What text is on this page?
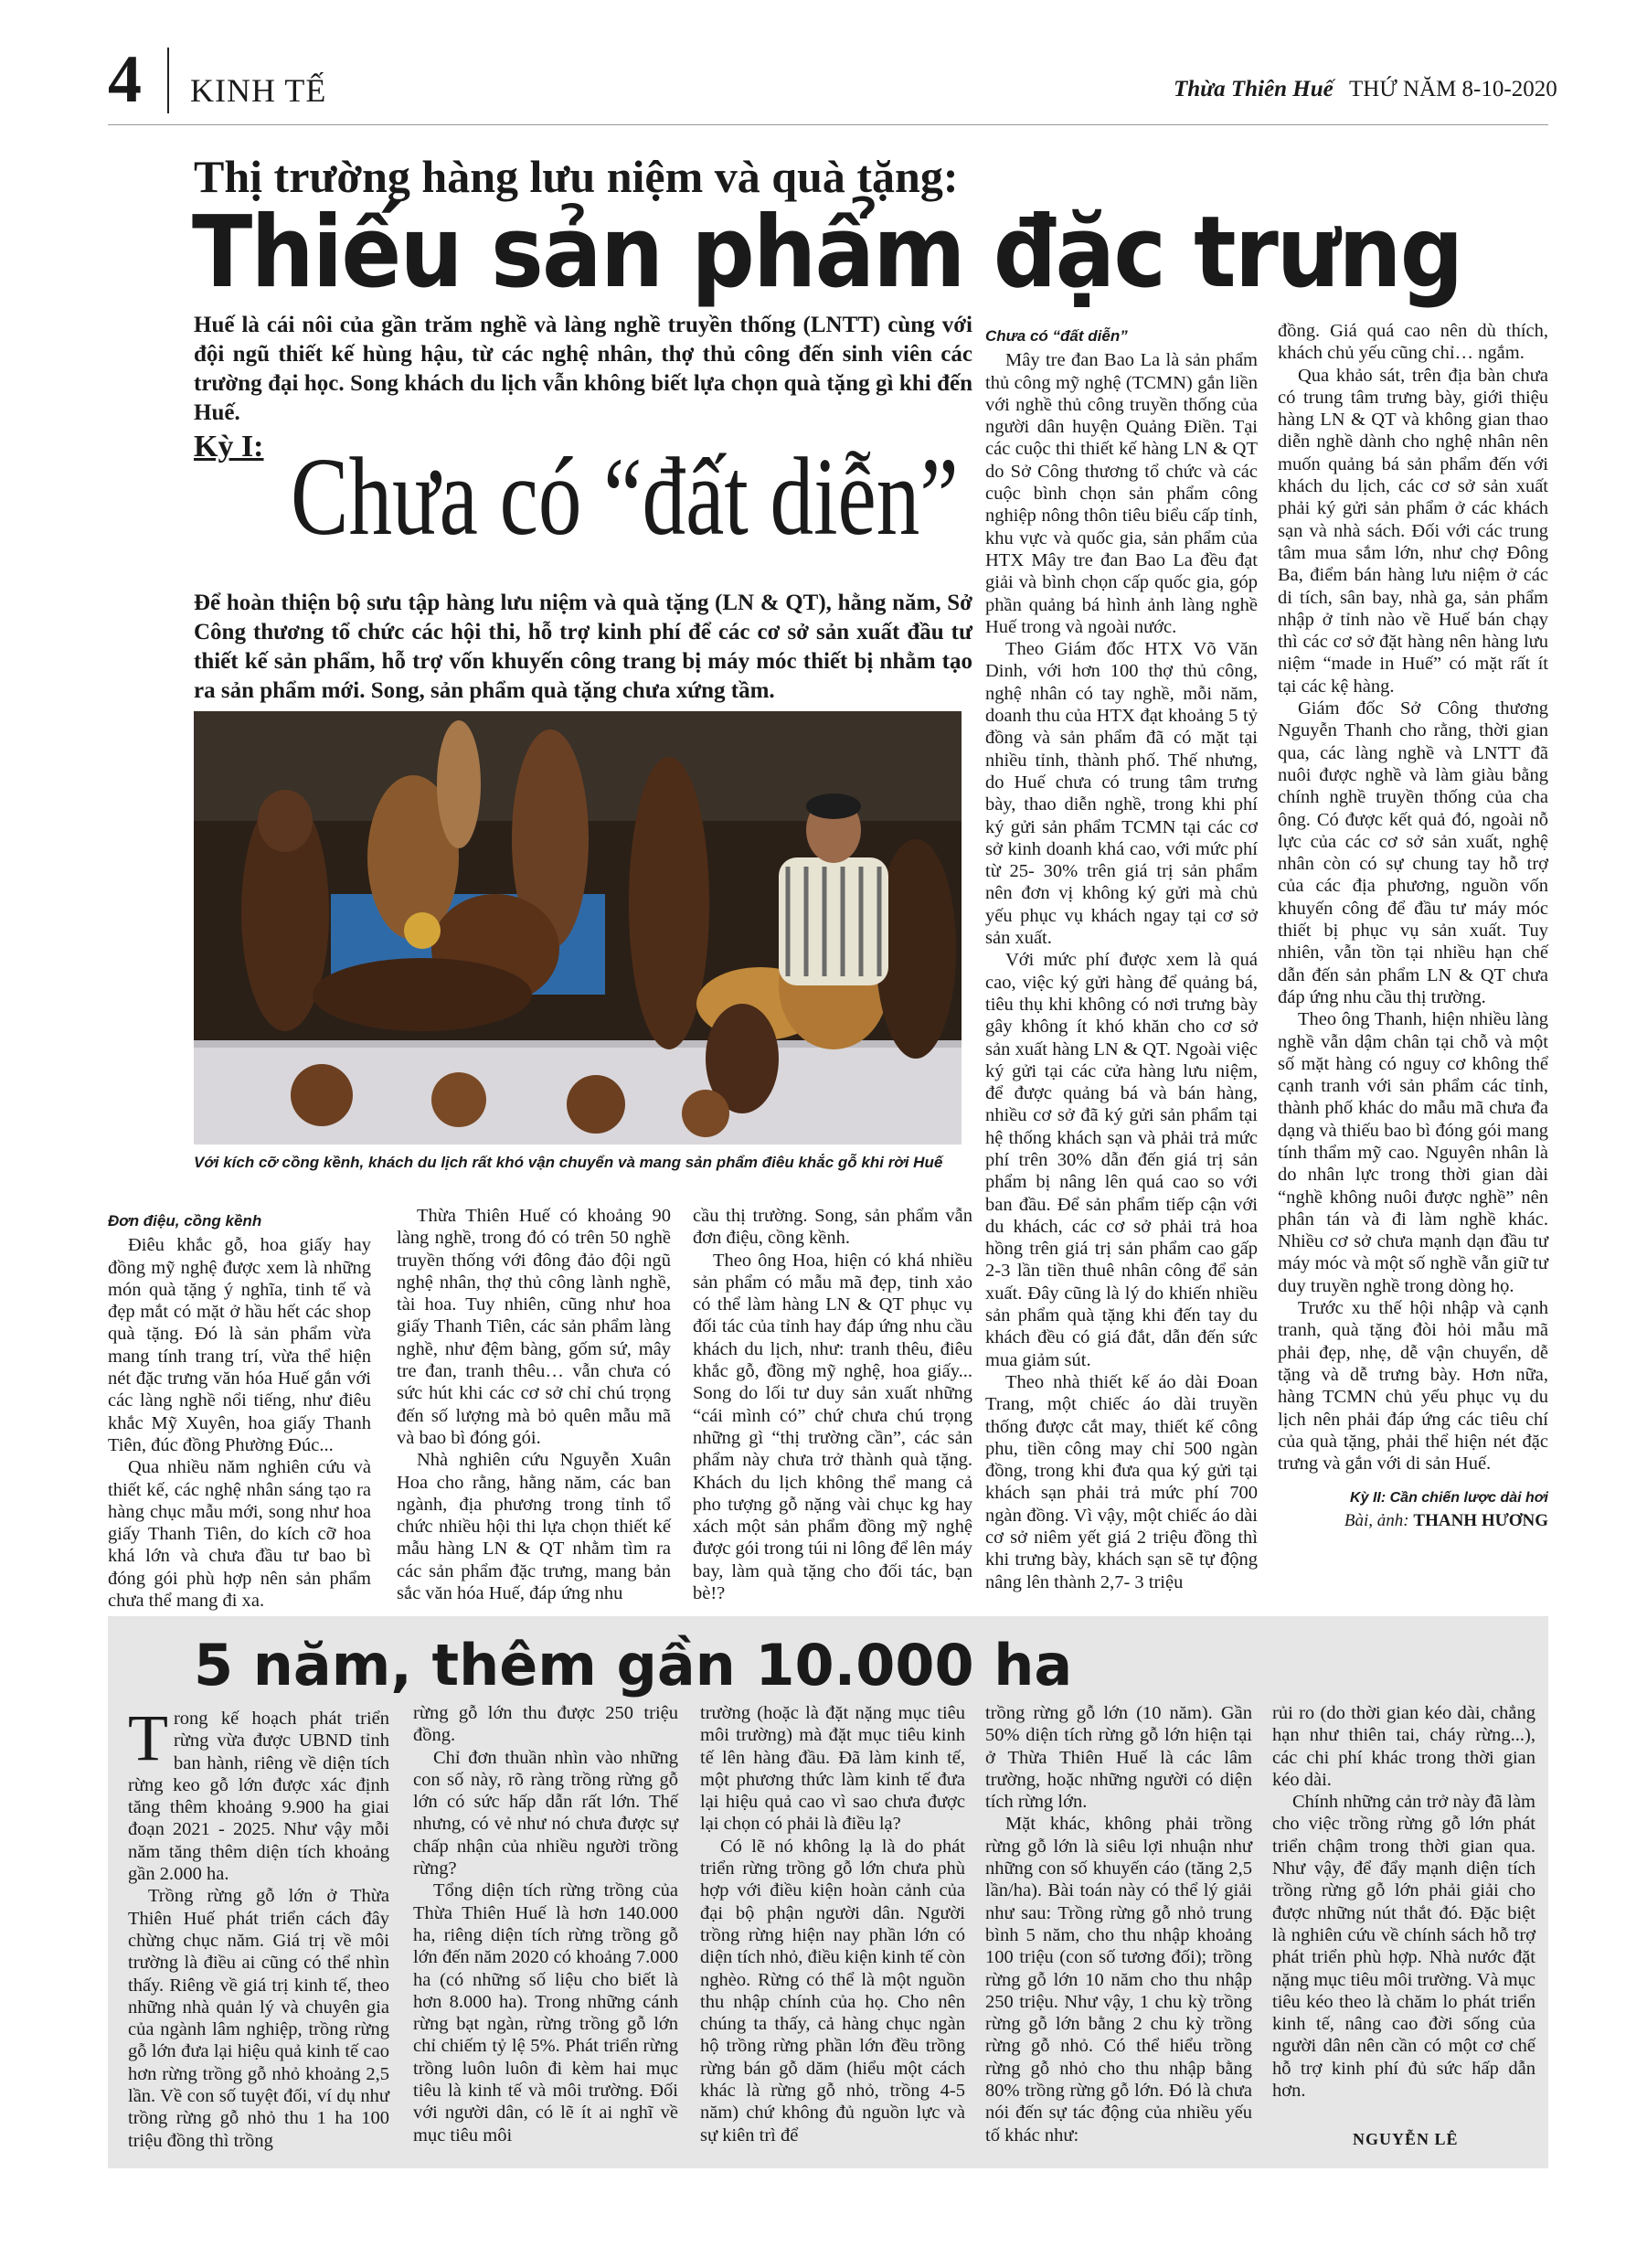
4 KINH TẾ	Thừa Thiên Huế THỨ NĂM 8-10-2020
Thị trường hàng lưu niệm và quà tặng:
Thiếu sản phẩm đặc trưng
Huế là cái nôi của gần trăm nghề và làng nghề truyền thống (LNTT) cùng với đội ngũ thiết kế hùng hậu, từ các nghệ nhân, thợ thủ công đến sinh viên các trường đại học. Song khách du lịch vẫn không biết lựa chọn quà tặng gì khi đến Huế.
Kỳ I: Chưa có “đất diễn”
Để hoàn thiện bộ sưu tập hàng lưu niệm và quà tặng (LN & QT), hằng năm, Sở Công thương tổ chức các hội thi, hỗ trợ kinh phí để các cơ sở sản xuất đầu tư thiết kế sản phẩm, hỗ trợ vốn khuyến công trang bị máy móc thiết bị nhằm tạo ra sản phẩm mới. Song, sản phẩm quà tặng chưa xứng tầm.
Với kích cỡ cồng kềnh, khách du lịch rất khó vận chuyển và mang sản phẩm điêu khắc gỗ khi rời Huế
Đơn điệu, cồng kềnh

Điêu khắc gỗ, hoa giấy hay đồng mỹ nghệ được xem là những món quà tặng ý nghĩa, tinh tế và đẹp mắt có mặt ở hầu hết các shop quà tặng. Đó là sản phẩm vừa mang tính trang trí, vừa thể hiện nét đặc trưng văn hóa Huế gắn với các làng nghề nổi tiếng, như điêu khắc Mỹ Xuyên, hoa giấy Thanh Tiên, đúc đồng Phường Đúc...

Qua nhiều năm nghiên cứu và thiết kế, các nghệ nhân sáng tạo ra hàng chục mẫu mới, song như hoa giấy Thanh Tiên, do kích cỡ hoa khá lớn và chưa đầu tư bao bì đóng gói phù hợp nên sản phẩm chưa thể mang đi xa.

Thừa Thiên Huế có khoảng 90 làng nghề, trong đó có trên 50 nghề truyền thống với đông đảo đội ngũ nghệ nhân, thợ thủ công lành nghề, tài hoa. Tuy nhiên, cũng như hoa giấy Thanh Tiên, các sản phẩm làng nghề, như đệm bàng, gốm sứ, mây tre đan, tranh thêu… vẫn chưa có sức hút khi các cơ sở chỉ chú trọng đến số lượng mà bỏ quên mẫu mã và bao bì đóng gói.

Nhà nghiên cứu Nguyễn Xuân Hoa cho rằng, hằng năm, các ban ngành, địa phương trong tỉnh tổ chức nhiều hội thi lựa chọn thiết kế mẫu hàng LN & QT nhằm tìm ra các sản phẩm đặc trưng, mang bản sắc văn hóa Huế, đáp ứng nhu

cầu thị trường. Song, sản phẩm vẫn đơn điệu, cồng kềnh.

Theo ông Hoa, hiện có khá nhiều sản phẩm có mẫu mã đẹp, tinh xảo có thể làm hàng LN & QT phục vụ đối tác của tỉnh hay đáp ứng nhu cầu khách du lịch, như: tranh thêu, điêu khắc gỗ, đồng mỹ nghệ, hoa giấy... Song do lối tư duy sản xuất những “cái mình có” chứ chưa chú trọng những gì “thị trường cần”, các sản phẩm này chưa trở thành quà tặng. Khách du lịch không thể mang cả pho tượng gỗ nặng vài chục kg hay xách một sản phẩm đồng mỹ nghệ được gói trong túi ni lông để lên máy bay, làm quà tặng cho đối tác, bạn bè!?

Chưa có “đất diễn”

Mây tre đan Bao La là sản phẩm thủ công mỹ nghệ (TCMN) gắn liền với nghề thủ công truyền thống của người dân huyện Quảng Điền. Tại các cuộc thi thiết kế hàng LN & QT do Sở Công thương tổ chức và các cuộc bình chọn sản phẩm công nghiệp nông thôn tiêu biểu cấp tỉnh, khu vực và quốc gia, sản phẩm của HTX Mây tre đan Bao La đều đạt giải và bình chọn cấp quốc gia, góp phần quảng bá hình ảnh làng nghề Huế trong và ngoài nước.

Theo Giám đốc HTX Võ Văn Dinh, với hơn 100 thợ thủ công, nghệ nhân có tay nghề, mỗi năm, doanh thu của HTX đạt khoảng 5 tỷ đồng và sản phẩm đã có mặt tại nhiều tỉnh, thành phố. Thế nhưng, do Huế chưa có trung tâm trưng bày, thao diễn nghề, trong khi phí ký gửi sản phẩm TCMN tại các cơ sở kinh doanh khá cao, với mức phí từ 25- 30% trên giá trị sản phẩm nên đơn vị không ký gửi mà chủ yếu phục vụ khách ngay tại cơ sở sản xuất.

Với mức phí được xem là quá cao, việc ký gửi hàng để quảng bá, tiêu thụ khi không có nơi trưng bày gây không ít khó khăn cho cơ sở sản xuất hàng LN & QT. Ngoài việc ký gửi tại các cửa hàng lưu niệm, để được quảng bá và bán hàng, nhiều cơ sở đã ký gửi sản phẩm tại hệ thống khách sạn và phải trả mức phí trên 30% dẫn đến giá trị sản phẩm bị nâng lên quá cao so với ban đầu. Để sản phẩm tiếp cận với du khách, các cơ sở phải trả hoa hồng trên giá trị sản phẩm cao gấp 2-3 lần tiền thuê nhân công để sản xuất. Đây cũng là lý do khiến nhiều sản phẩm quà tặng khi đến tay du khách đều có giá đắt, dẫn đến sức mua giảm sút.

Theo nhà thiết kế áo dài Đoan Trang, một chiếc áo dài truyền thống được cắt may, thiết kế công phu, tiền công may chỉ 500 ngàn đồng, trong khi đưa qua ký gửi tại khách sạn phải trả mức phí 700 ngàn đồng. Vì vậy, một chiếc áo dài cơ sở niêm yết giá 2 triệu đồng thì khi trưng bày, khách sạn sẽ tự động nâng lên thành 2,7- 3 triệu

đồng. Giá quá cao nên dù thích, khách chủ yếu cũng chỉ… ngắm.

Qua khảo sát, trên địa bàn chưa có trung tâm trưng bày, giới thiệu hàng LN & QT và không gian thao diễn nghề dành cho nghệ nhân nên muốn quảng bá sản phẩm đến với khách du lịch, các cơ sở sản xuất phải ký gửi sản phẩm ở các khách sạn và nhà sách. Đối với các trung tâm mua sắm lớn, như chợ Đông Ba, điểm bán hàng lưu niệm ở các di tích, sân bay, nhà ga, sản phẩm nhập ở tỉnh nào về Huế bán chạy thì các cơ sở đặt hàng nên hàng lưu niệm “made in Huế” có mặt rất ít tại các kệ hàng.

Giám đốc Sở Công thương Nguyễn Thanh cho rằng, thời gian qua, các làng nghề và LNTT đã nuôi được nghề và làm giàu bằng chính nghề truyền thống của cha ông. Có được kết quả đó, ngoài nỗ lực của các cơ sở sản xuất, nghệ nhân còn có sự chung tay hỗ trợ của các địa phương, nguồn vốn khuyến công để đầu tư máy móc thiết bị phục vụ sản xuất. Tuy nhiên, vẫn tồn tại nhiều hạn chế dẫn đến sản phẩm LN & QT chưa đáp ứng nhu cầu thị trường.

Theo ông Thanh, hiện nhiều làng nghề vẫn dậm chân tại chỗ và một số mặt hàng có nguy cơ không thể cạnh tranh với sản phẩm các tỉnh, thành phố khác do mẫu mã chưa đa dạng và thiếu bao bì đóng gói mang tính thẩm mỹ cao. Nguyên nhân là do nhân lực trong thời gian dài “nghề không nuôi được nghề” nên phân tán và đi làm nghề khác. Nhiều cơ sở chưa mạnh dạn đầu tư máy móc và một số nghề vẫn giữ tư duy truyền nghề trong dòng họ.

Trước xu thế hội nhập và cạnh tranh, quà tặng đòi hỏi mẫu mã phải đẹp, nhẹ, dễ vận chuyển, dễ tặng và dễ trưng bày. Hơn nữa, hàng TCMN chủ yếu phục vụ du lịch nên phải đáp ứng các tiêu chí của quà tặng, phải thể hiện nét đặc trưng và gắn với di sản Huế.

Kỳ II: Cần chiến lược dài hơi
Bài, ảnh: THANH HƯƠNG
5 năm, thêm gần 10.000 ha

Trong kế hoạch phát triển rừng vừa được UBND tỉnh ban hành, riêng về diện tích rừng keo gỗ lớn được xác định tăng thêm khoảng 9.900 ha giai đoạn 2021 - 2025. Như vậy mỗi năm tăng thêm diện tích khoảng gần 2.000 ha.

Trồng rừng gỗ lớn ở Thừa Thiên Huế phát triển cách đây chừng chục năm. Giá trị về môi trường là điều ai cũng có thể nhìn thấy. Riêng về giá trị kinh tế, theo những nhà quản lý và chuyên gia của ngành lâm nghiệp, trồng rừng gỗ lớn đưa lại hiệu quả kinh tế cao hơn rừng trồng gỗ nhỏ khoảng 2,5 lần. Về con số tuyệt đối, ví dụ như trồng rừng gỗ nhỏ thu 1 ha 100 triệu đồng thì trồng

rừng gỗ lớn thu được 250 triệu đồng.

Chỉ đơn thuần nhìn vào những con số này, rõ ràng trồng rừng gỗ lớn có sức hấp dẫn rất lớn. Thế nhưng, có vẻ như nó chưa được sự chấp nhận của nhiều người trồng rừng?

Tổng diện tích rừng trồng của Thừa Thiên Huế là hơn 140.000 ha, riêng diện tích rừng trồng gỗ lớn đến năm 2020 có khoảng 7.000 ha (có những số liệu cho biết là hơn 8.000 ha). Trong những cánh rừng bạt ngàn, rừng trồng gỗ lớn chỉ chiếm tỷ lệ 5%. Phát triển rừng trồng luôn luôn đi kèm hai mục tiêu là kinh tế và môi trường. Đối với người dân, có lẽ ít ai nghĩ về mục tiêu môi

trường (hoặc là đặt nặng mục tiêu môi trường) mà đặt mục tiêu kinh tế lên hàng đầu. Đã làm kinh tế, một phương thức làm kinh tế đưa lại hiệu quả cao vì sao chưa được lại chọn có phải là điều lạ?

Có lẽ nó không lạ là do phát triển rừng trồng gỗ lớn chưa phù hợp với điều kiện hoàn cảnh của đại bộ phận người dân. Người trồng rừng hiện nay phần lớn có diện tích nhỏ, điều kiện kinh tế còn nghèo. Rừng có thể là một nguồn thu nhập chính của họ. Cho nên chúng ta thấy, cả hàng chục ngàn hộ trồng rừng phần lớn đều trồng rừng bán gỗ dăm (hiểu một cách khác là rừng gỗ nhỏ, trồng 4-5 năm) chứ không đủ nguồn lực và sự kiên trì để

trồng rừng gỗ lớn (10 năm). Gần 50% diện tích rừng gỗ lớn hiện tại ở Thừa Thiên Huế là các lâm trường, hoặc những người có diện tích rừng lớn.

Mặt khác, không phải trồng rừng gỗ lớn là siêu lợi nhuận như những con số khuyến cáo (tăng 2,5 lần/ha). Bài toán này có thể lý giải như sau: Trồng rừng gỗ nhỏ trung bình 5 năm, cho thu nhập khoảng 100 triệu (con số tương đối); trồng rừng gỗ lớn 10 năm cho thu nhập 250 triệu. Như vậy, 1 chu kỳ trồng rừng gỗ lớn bằng 2 chu kỳ trồng rừng gỗ nhỏ. Có thể hiểu trồng rừng gỗ nhỏ cho thu nhập bằng 80% trồng rừng gỗ lớn. Đó là chưa nói đến sự tác động của nhiều yếu tố khác như:

rủi ro (do thời gian kéo dài, chẳng hạn như thiên tai, cháy rừng...), các chi phí khác trong thời gian kéo dài.

Chính những cản trở này đã làm cho việc trồng rừng gỗ lớn phát triển chậm trong thời gian qua. Như vậy, để đẩy mạnh diện tích trồng rừng gỗ lớn phải giải cho được những nút thắt đó. Đặc biệt là nghiên cứu về chính sách hỗ trợ phát triển phù hợp. Nhà nước đặt nặng mục tiêu môi trường. Và mục tiêu kéo theo là chăm lo phát triển kinh tế, nâng cao đời sống của người dân nên cần có một cơ chế hỗ trợ kinh phí đủ sức hấp dẫn hơn.

NGUYỄN LÊ
